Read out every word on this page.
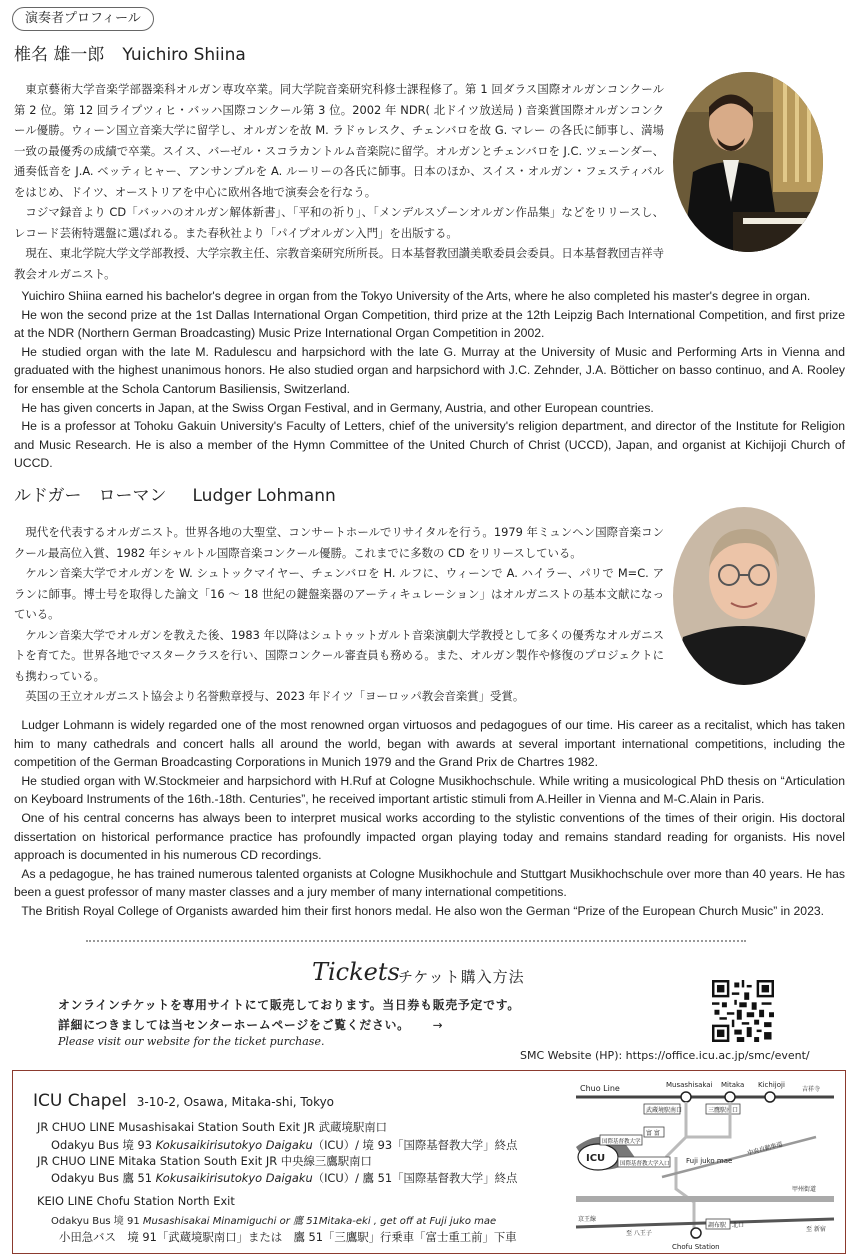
演奏者プロフィール
椎名 雄一郎 Yuichiro Shiina

東京藝術大学音楽学部器楽科オルガン専攻卒業。同大学院音楽研究科修士課程修了。第 1 回ダラス国際オルガンコンクール第 2 位。第 12 回ライプツィヒ・バッハ国際コンクール第 3 位。2002 年 NDR( 北ドイツ放送局 ) 音楽賞国際オルガンコンクール優勝。ウィーン国立音楽大学に留学し、オルガンを故 M. ラドゥレスク、チェンバロを故 G. マレー の各氏に師事し、満場一致の最優秀の成績で卒業。スイス、バーゼル・スコラカントルム音楽院に留学。オルガンとチェンバロを J.C. ツェーンダー、通奏低音を J.A. ベッティヒャー、アンサンブルを A. ルーリーの各氏に師事。日本のほか、スイス・オルガン・フェスティバルをはじめ、ドイツ、オーストリアを中心に欧州各地で演奏会を行なう。

コジマ録音より CD「バッハのオルガン解体新書」、「平和の祈り」、「メンデルスゾーンオルガン作品集」などをリリースし、レコード芸術特選盤に選ばれる。また春秋社より「パイプオルガン入門」を出版する。

現在、東北学院大学文学部教授、大学宗教主任、宗教音楽研究所所長。日本基督教団讃美歌委員会委員。日本基督教団吉祥寺教会オルガニスト。

Yuichiro Shiina earned his bachelor's degree in organ from the Tokyo University of the Arts, where he also completed his master's degree in organ.

He won the second prize at the 1st Dallas International Organ Competition, third prize at the 12th Leipzig Bach International Competition, and first prize at the NDR (Northern German Broadcasting) Music Prize International Organ Competition in 2002.

He studied organ with the late M. Radulescu and harpsichord with the late G. Murray at the University of Music and Performing Arts in Vienna and graduated with the highest unanimous honors. He also studied organ and harpsichord with J.C. Zehnder, J.A. Bötticher on basso continuo, and A. Rooley for ensemble at the Schola Cantorum Basiliensis, Switzerland.

He has given concerts in Japan, at the Swiss Organ Festival, and in Germany, Austria, and other European countries.

He is a professor at Tohoku Gakuin University's Faculty of Letters, chief of the university's religion department, and director of the Institute for Religion and Music Research. He is also a member of the Hymn Committee of the United Church of Christ (UCCD), Japan, and organist at Kichijoji Church of UCCD.

ルドガー　ローマン Ludger Lohmann

現代を代表するオルガニスト。世界各地の大聖堂、コンサートホールでリサイタルを行う。1979 年ミュンヘン国際音楽コンクール最高位入賞、1982 年シャルトル国際音楽コンクール優勝。これまでに多数の CD をリリースしている。

ケルン音楽大学でオルガンを W. シュトックマイヤー、チェンバロを H. ルフに、ウィーンで A. ハイラー、パリで M=C. アランに師事。博士号を取得した論文「16 ～ 18 世紀の鍵盤楽器のアーティキュレーション」はオルガニストの基本文献になっている。

ケルン音楽大学でオルガンを教えた後、1983 年以降はシュトゥットガルト音楽演劇大学教授として多くの優秀なオルガニストを育てた。世界各地でマスタークラスを行い、国際コンクール審査員も務める。また、オルガン製作や修復のプロジェクトにも携わっている。

英国の王立オルガニスト協会より名誉勲章授与、2023 年ドイツ「ヨーロッパ教会音楽賞」受賞。

Ludger Lohmann is widely regarded one of the most renowned organ virtuosos and pedagogues of our time. His career as a recitalist, which has taken him to many cathedrals and concert halls all around the world, began with awards at several important international competitions, including the competition of the German Broadcasting Corporations in Munich 1979 and the Grand Prix de Chartres 1982.

He studied organ with W.Stockmeier and harpsichord with H.Ruf at Cologne Musikhochschule. While writing a musicological PhD thesis on “Articulation on Keyboard Instruments of the 16th.-18th. Centuries”, he received important artistic stimuli from A.Heiller in Vienna and M-C.Alain in Paris.

One of his central concerns has always been to interpret musical works according to the stylistic conventions of the times of their origin. His doctoral dissertation on historical performance practice has profoundly impacted organ playing today and remains standard reading for organists. His novel approach is documented in his numerous CD recordings.

As a pedagogue, he has trained numerous talented organists at Cologne Musikhochule and Stuttgart Musikhochschule over more than 40 years. He has been a guest professor of many master classes and a jury member of many international competitions.

The British Royal College of Organists awarded him their first honors medal. He also won the German “Prize of the European Church Music” in 2023.

Tickets
チケット購入方法
オンラインチケットを専用サイトにて販売しております。当日券も販売予定です。
詳細につきましては当センターホームページをご覧ください。 →
Please visit our website for the ticket purchase.
SMC Website (HP): https://office.icu.ac.jp/smc/event/
ICU Chapel 3-10-2, Osawa, Mitaka-shi, Tokyo
JR CHUO LINE Musashisakai Station South Exit JR 武蔵境駅南口
Odakyu Bus 境 93 Kokusaikirisutokyo Daigaku（ICU）/ 境 93「国際基督教大学」終点
JR CHUO LINE Mitaka Station South Exit JR 中央線三鷹駅南口
Odakyu Bus 鷹 51 Kokusaikirisutokyo Daigaku（ICU）/ 鷹 51「国際基督教大学」終点
KEIO LINE Chofu Station North Exit
Odakyu Bus 境 91 Musashisakai Minamiguchi or 鷹 51Mitaka-eki , get off at Fuji juko mae
小田急バス　境 91「武蔵境駅南口」または　鷹 51「三鷹駅」行乗車「富士重工前」下車
Chuo Line	Musashisakai Mitaka Kichijoji
吉祥寺
武蔵境駅南口	三鷹駅南口
中央自動車道
甲州街道
京王線
至 八王子
至 新宿
ICU
国際基督教大学
国際基督教大学入口 Fuji juko mae
富 富
調布駅 北口
Chofu Station
